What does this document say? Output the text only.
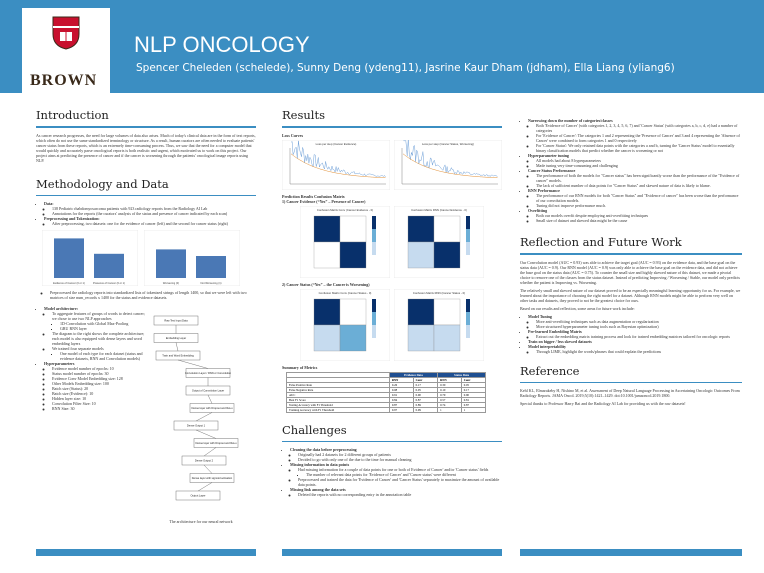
BROWN
NLP ONCOLOGY
Spencer Cheleden (schelede), Sunny Deng (ydeng11), Jasrine Kaur Dham (jdham), Ella Liang (yliang6)
Introduction
As cancer research progresses, the need for large volumes of data also arises. Much of today's clinical data are in the form of text reports, which often do not use the same standardized terminology or structure. As a result, human curators are often needed to evaluate patients' cancer status from these reports, which is an extremely time-consuming process. Thus, we saw that the need for a computer model that would quickly and accurately parse oncological reports is both realistic and urgent, which motivated us to work on this project. Our project aims at predicting the presence of cancer and if the cancer is worsening through the patients' oncological image reports using NLP.
Methodology and Data
• Data:
◦ 138 Pediatric rhabdomyosarcoma patients with 923 radiology reports from the Radiology AI Lab
◦ Annotations for the reports (the curators' analysis of the status and presence of cancer indicated by each scan)
• Preprocessing and Tokenization:
◦ After preprocessing, two datasets: one for the evidence of cancer (left) and the second for cancer status (right)
Evidence of Cancer (0 or 1)	Presence of Cancer (0 or 1)	Worsening (0)	Not Worsening (1)
◦ Preprocessed the radiology reports into standardized lists of tokenized strings of length 1400, so that we were left with two matrices of size num_records x 1400 for the status and evidence datasets.
• Model architecture:
◦ To aggregate features of groups of words to detect cancer; we chose to use two NLP approaches
▪ 1D-Convolution with Global Max-Pooling
▪ GRU RNN layer
◦ The diagram to the right shows the complete architecture; each model is also equipped with dense layers and word embedding layers
◦ We trained four separate models
▪ One model of each type for each dataset (status and evidence datasets, RNN and Convolution models)
• Hyperparameters
◦ Evidence model number of epochs: 10
◦ Status model number of epochs: 30
◦ Evidence Conv Model Embedding size: 128
◦ Other Models Embedding size: 100
◦ Batch size (Status): 20
◦ Batch size (Evidence): 10
◦ Hidden layer size: 10
◦ Convolution Filter Size: 10
◦ RNN Size: 30
Raw Text Input Data
Embedding Layer
Train and Word Embedding
Convolution Layer / RNN or Convolution
Output of Convolution Layer
Dense layer with Dropout and ReLu
Dense Output 1
Dense layer with Dropout and ReLu
Dense Output 2
Dense layer with sigmoid activation
Output Layer
The architecture for our neural network
Results
Loss Curves
Loss per step (Cancer Evidence)	Loss per step (Cancer Status, Worsening)
Prediction Results Confusion Matrix
1) Cancer Evidence (“Yes” – Presence of Cancer)
Confusion Matrix Conv (Cancer Evidence - 0)	Confusion Matrix RNN (Cancer Evidence - 0)
2) Cancer Status (“Yes” – the Cancer is Worsening)
Confusion Matrix Conv (Cancer Status - 0)	Confusion Matrix RNN (Cancer Status - 0)
Summary of Metrics
	Evidence Data		Status Data	
	RNN	Conv	RNN	Conv
False Positive Rate	0.26	0.17	0.30	0.05
False Negative Rate	0.08	0.05	0.10	0.17
AUC	0.91	0.90	0.79	0.90
Best F1 Score	0.84	0.87	0.57	0.81
Testing Accuracy with F1 Threshold	0.87	0.89	0.74	0.87
Training Accuracy with F1 Threshold	0.97	0.99	1	1
Challenges
• Cleaning the data before preprocessing
◦ Originally had 2 datasets for 2 different groups of patients
◦ Decided to go with only one of the due to the time for manual cleaning
• Missing information in data points
◦ Had missing information for a couple of data points for one or both of Evidence of Cancer' and/or 'Cancer status' fields
▪ The number of relevant data points for 'Evidence of Cancer' and 'Cancer status' were different
◦ Preprocessed and trained the data for 'Evidence of Cancer' and 'Cancer Status' separately to maximize the amount of available data points.
• Missing link among the data sets
◦ Deleted the reports with no corresponding entry in the annotation table
• Narrowing down the number of categories/classes
◦ Both 'Evidence of Cancer' (with categories 1, 2, 3, 4, 5, 6, 7) and 'Cancer Status' (with categories a, b, c, d, e) had a number of categories
◦ For 'Evidence of Cancer': The categories 1 and 2 representing the 'Presence of Cancer' and 3 and 4 representing the 'Absence of Cancer' were combined to form categories 1 and 0 respectively
◦ For 'Cancer Status': We only retained data points with the categories a and b, turning the 'Cancer Status' model to essentially binary classification models that predict whether the cancer is worsening or not
• Hyperparameter tuning
◦ All models had about 8 hyperparameters
◦ Made tuning very time-consuming and challenging
• Cancer Status Performance
◦ The performance of both the models for "Cancer status" has been significantly worse than the performance of the "Evidence of cancer" models.
◦ The lack of sufficient number of data points for "Cancer Status" and skewed nature of data is likely to blame.
• RNN Performance
◦ The performance of our RNN models for both "Cancer Status" and "Evidence of cancer" has been worse than the performance of our convolution models.
◦ Tuning did not improve performance much.
• Overfitting
◦ Both our models overfit despite employing anti-overfitting techniques
◦ Small size of dataset and skewed data might be the cause
Reflection and Future Work
Our Convolution model (AUC = 0.93) was able to achieve the target goal (AUC = 0.93) on the evidence data, and the base goal on the status data (AUC = 0.9). Our RNN model (AUC = 0.9) was only able to achieve the base goal on the evidence data, and did not achieve the base goal on the status data (AUC = 0.75). To counter the small size and highly skewed nature of this dataset, we made a pivotal choice to remove one of the classes from the status dataset. Instead of predicting Improving / Worsening / Stable, our model only predicts whether the patient is Improving vs. Worsening.
The relatively small and skewed nature of our dataset proved to be an especially meaningful learning opportunity for us. For example, we learned about the importance of choosing the right model for a dataset. Although RNN models might be able to perform very well on other tasks and datasets, they proved to not be the greatest choice for ours.
Based on our results and reflection, some areas for future work include:
• Model Tuning
◦ More anti-overfitting techniques such as data augmentation or regularization
◦ More structured hyperparameter tuning tools such as Bayesian optimization)
• Pre-learned Embedding Matrix
◦ Extract out the embedding matrix training process and look for trained embedding matrices tailored for oncologic reports
• Train on bigger / less skewed datasets
• Model interpretability
◦ Through LIME, highlight the words/phrases that could explain the predictions
Reference
Kehl KL, Elmarakeby H, Nishino M, et al. Assessment of Deep Natural Language Processing in Ascertaining Oncologic Outcomes From Radiology Reports. JAMA Oncol. 2019;5(10):1421–1429. doi:10.1001/jamaoncol.2019.1800.
Special thanks to Professor Harry Bai and the Radiology AI Lab for providing us with the raw datasets!
